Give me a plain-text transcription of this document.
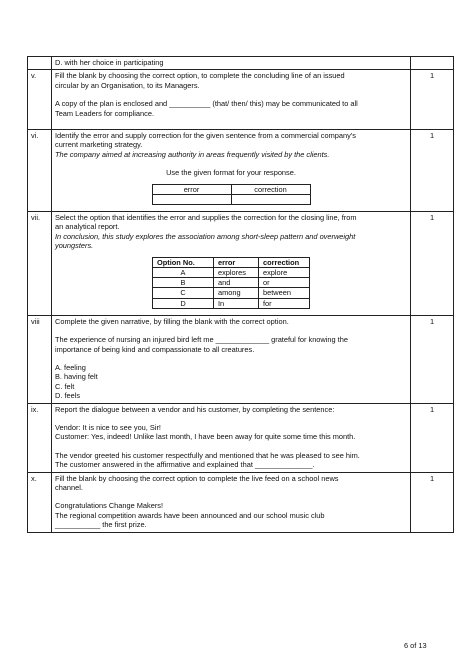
D. with her choice in participating

v.	Fill the blank by choosing the correct option, to complete the concluding line of an issued

circular by an Organisation, to its Managers.

A copy of the plan is enclosed and __________ (that/ then/ this) may be communicated to all

Team Leaders for compliance.

	1
vi.	Identify the error and supply correction for the given sentence from a commercial company’s

current marketing strategy.

The company aimed at increasing authority in areas frequently visited by the clients.

Use the given format for your response.

error	correction

	1
vii.	Select the option that identifies the error and supplies the correction for the closing line, from

an analytical report.

In conclusion, this study explores the association among short-sleep pattern and overweight

youngsters.

Option No.	error	correction
A	explores	explore
B	and	or
C	among	between
D	In	for
	1
viii	Complete the given narrative, by filling the blank with the correct option.

The experience of nursing an injured bird left me _____________ grateful for knowing the

importance of being kind and compassionate to all creatures.

A. feeling

B. having felt

C. felt

D. feels

	1
ix.	Report the dialogue between a vendor and his customer, by completing the sentence:

Vendor: It is nice to see you, Sir!

Customer: Yes, indeed! Unlike last month, I have been away for quite some time this month.

The vendor greeted his customer respectfully and mentioned that he was pleased to see him.

The customer answered in the affirmative and explained that ______________.

	1
x.	Fill the blank by choosing the correct option to complete the live feed on a school news

channel.

Congratulations Change Makers!

The regional competition awards have been announced and our school music club

___________ the first prize.

	1
6 of 13
